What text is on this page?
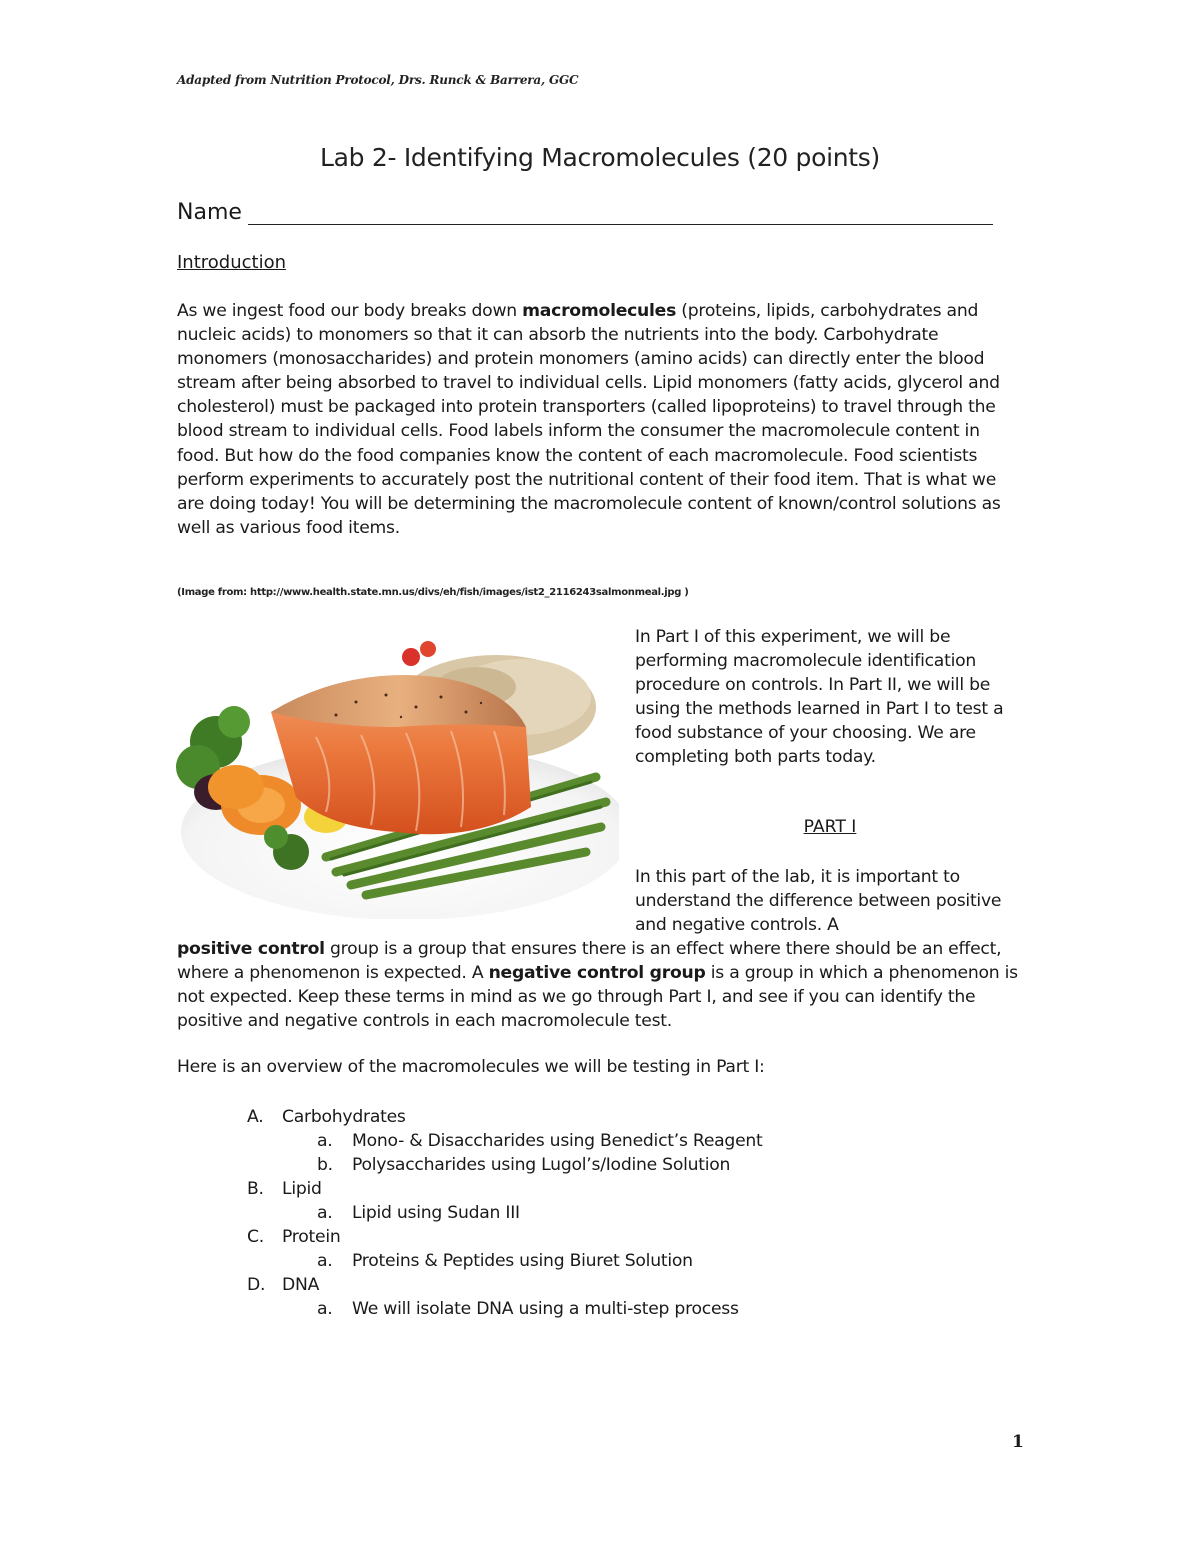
Adapted from Nutrition Protocol, Drs. Runck & Barrera, GGC
Lab 2- Identifying Macromolecules (20 points)
Name
Introduction

As we ingest food our body breaks down macromolecules (proteins, lipids, carbohydrates and nucleic acids) to monomers so that it can absorb the nutrients into the body. Carbohydrate monomers (monosaccharides) and protein monomers (amino acids) can directly enter the blood stream after being absorbed to travel to individual cells. Lipid monomers (fatty acids, glycerol and cholesterol) must be packaged into protein transporters (called lipoproteins) to travel through the blood stream to individual cells. Food labels inform the consumer the macromolecule content in food. But how do the food companies know the content of each macromolecule. Food scientists perform experiments to accurately post the nutritional content of their food item. That is what we are doing today! You will be determining the macromolecule content of known/control solutions as well as various food items.

(Image from: http://www.health.state.mn.us/divs/eh/fish/images/ist2_2116243salmonmeal.jpg )

In Part I of this experiment, we will be performing macromolecule identification procedure on controls. In Part II, we will be using the methods learned in Part I to test a food substance of your choosing. We are completing both parts today.

PART I

In this part of the lab, it is important to understand the difference between positive and negative controls. A

positive control group is a group that ensures there is an effect where there should be an effect, where a phenomenon is expected. A negative control group is a group in which a phenomenon is not expected. Keep these terms in mind as we go through Part I, and see if you can identify the positive and negative controls in each macromolecule test.

Here is an overview of the macromolecules we will be testing in Part I:

A.	Carbohydrates
a.	Mono- & Disaccharides using Benedict’s Reagent
b.	Polysaccharides using Lugol’s/Iodine Solution
B.	Lipid
a.	Lipid using Sudan III
C.	Protein
a.	Proteins & Peptides using Biuret Solution
D. DNA
a.	We will isolate DNA using a multi-step process
1
